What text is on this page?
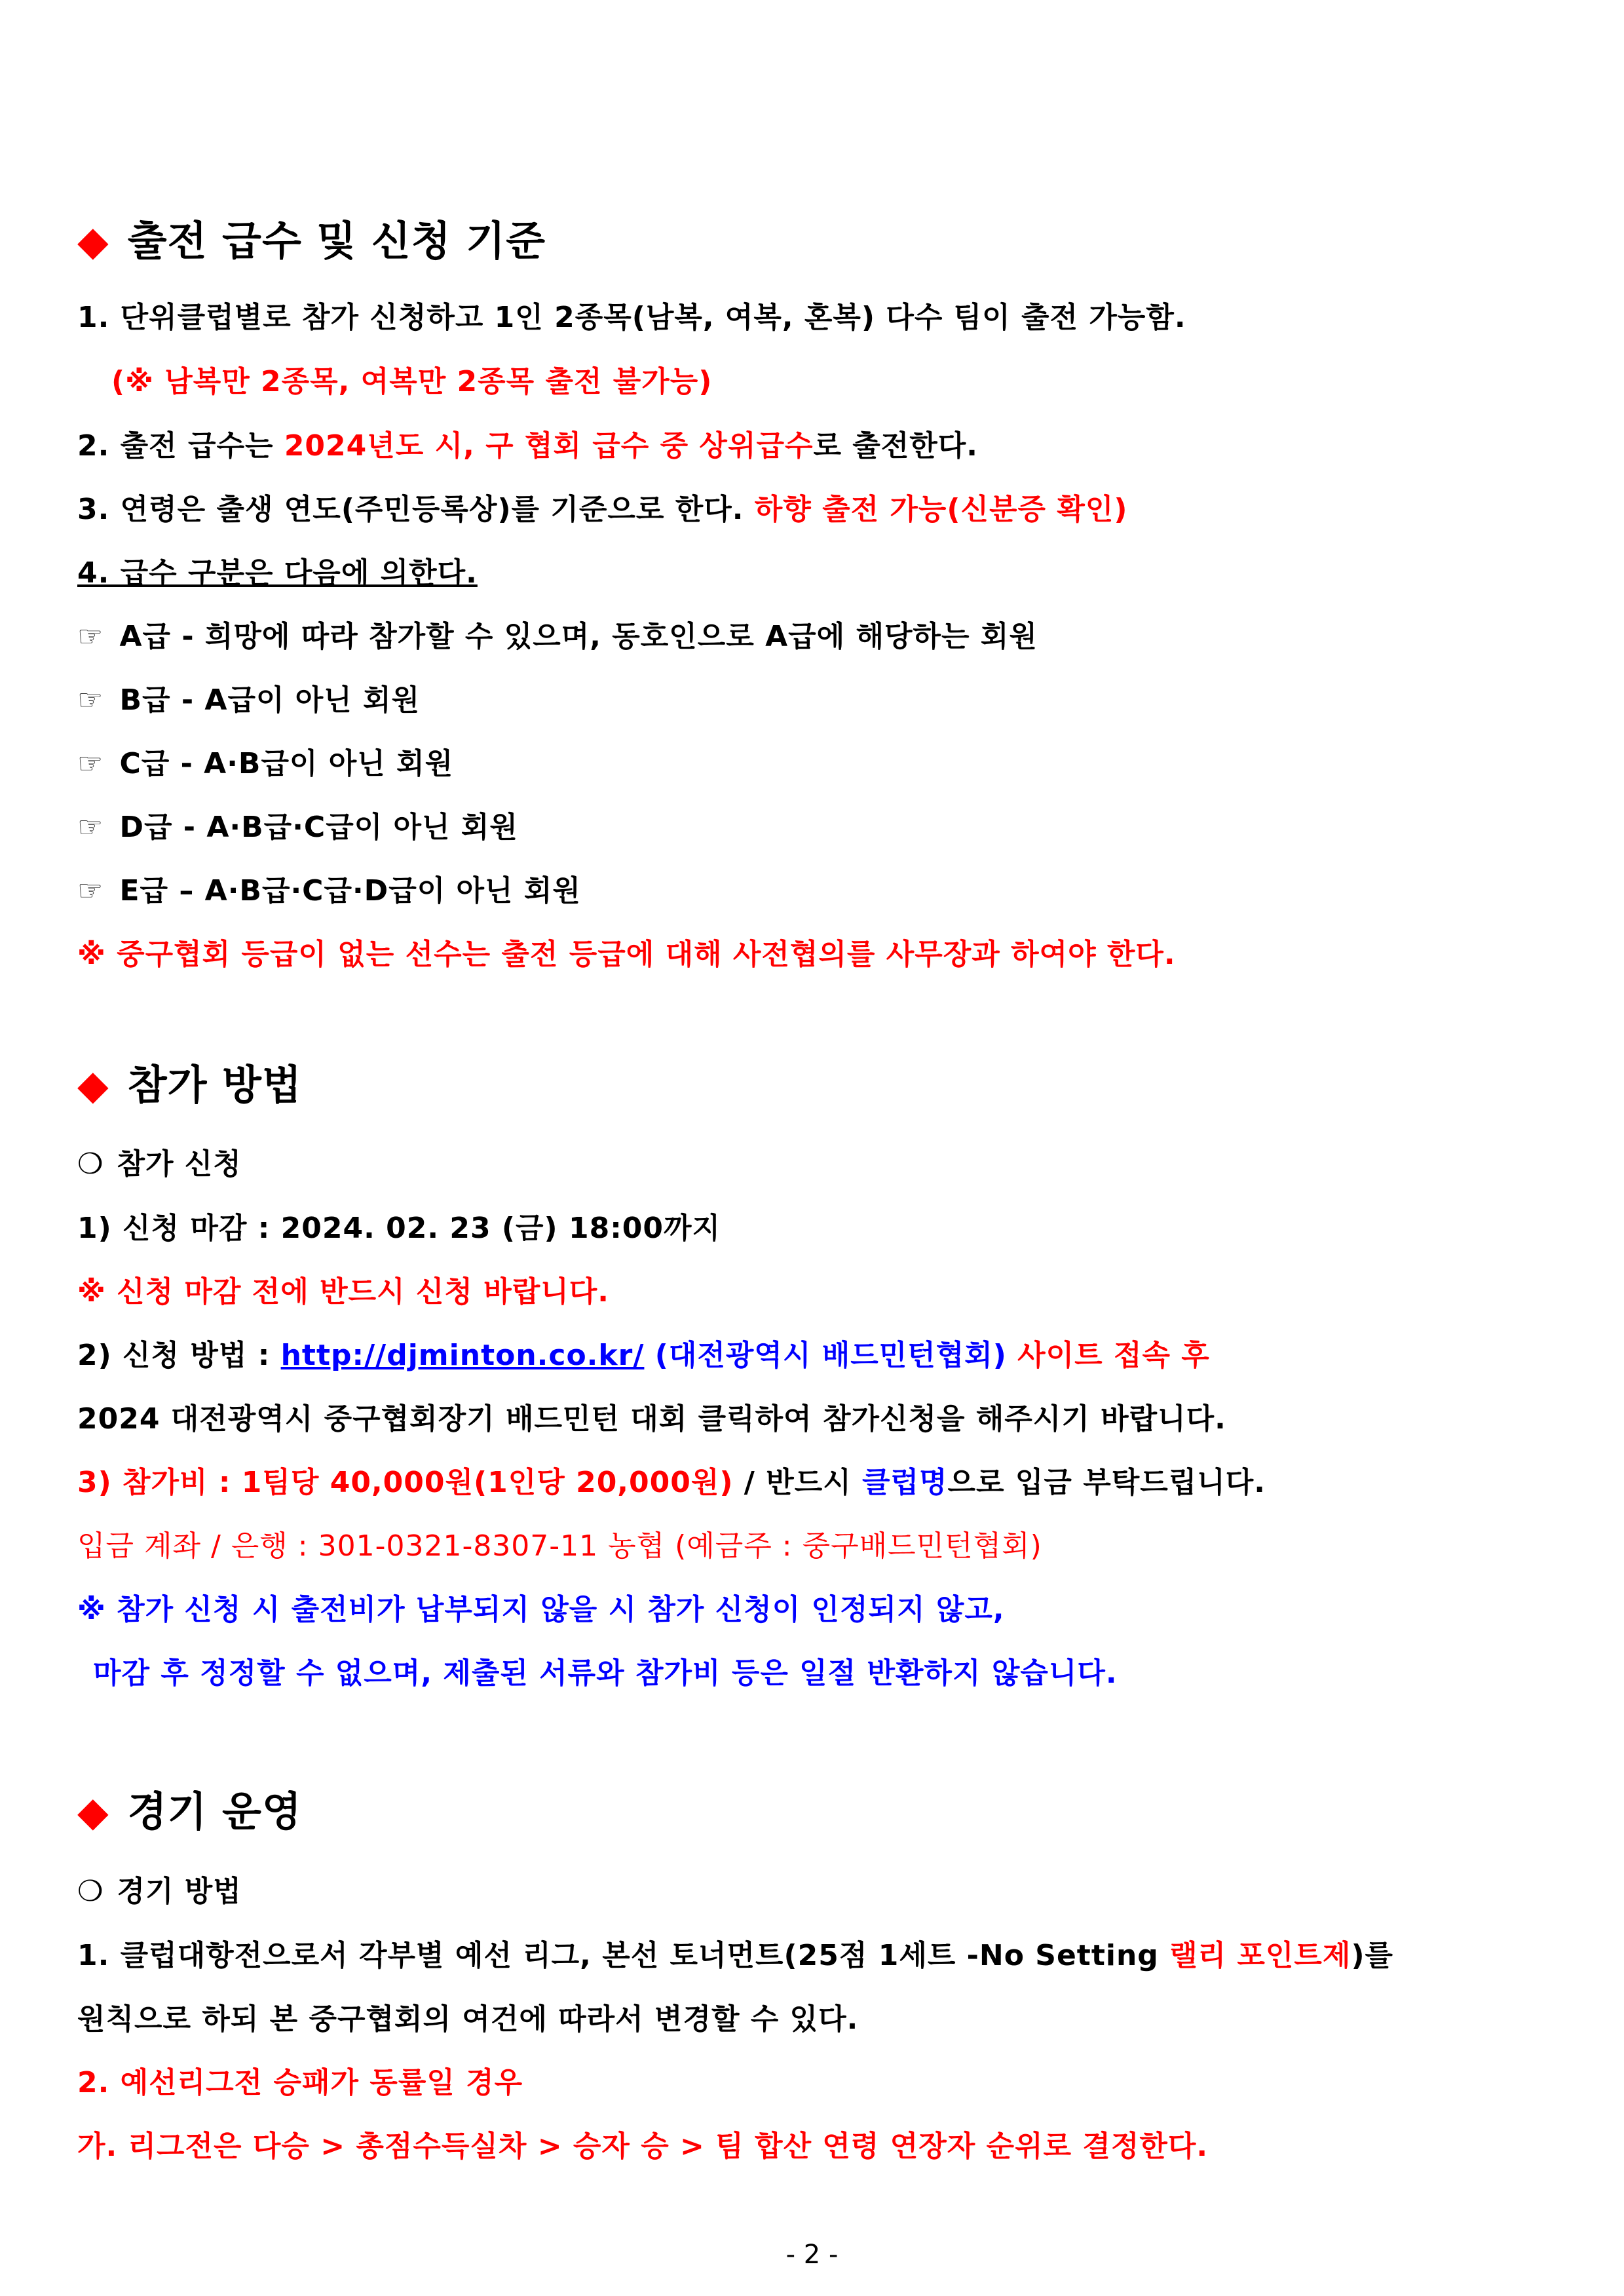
◆ 출전 급수 및 신청 기준
1. 단위클럽별로 참가 신청하고 1인 2종목(남복, 여복, 혼복) 다수 팀이 출전 가능함.
(※ 남복만 2종목, 여복만 2종목 출전 불가능)
2. 출전 급수는 2024년도 시, 구 협회 급수 중 상위급수로 출전한다.
3. 연령은 출생 연도(주민등록상)를 기준으로 한다. 하향 출전 가능(신분증 확인)
4. 급수 구분은 다음에 의한다.
☞ A급 - 희망에 따라 참가할 수 있으며, 동호인으로 A급에 해당하는 회원
☞ B급 - A급이 아닌 회원
☞ C급 - A·B급이 아닌 회원
☞ D급 - A·B급·C급이 아닌 회원
☞ E급 – A·B급·C급·D급이 아닌 회원
※ 중구협회 등급이 없는 선수는 출전 등급에 대해 사전협의를 사무장과 하여야 한다.
◆ 참가 방법
❍ 참가 신청
1) 신청 마감 : 2024. 02. 23 (금) 18:00까지
※ 신청 마감 전에 반드시 신청 바랍니다.
2) 신청 방법 : http://djminton.co.kr/ (대전광역시 배드민턴협회) 사이트 접속 후
2024 대전광역시 중구협회장기 배드민턴 대회 클릭하여 참가신청을 해주시기 바랍니다.
3) 참가비 : 1팀당 40,000원(1인당 20,000원) / 반드시 클럽명으로 입금 부탁드립니다.
입금 계좌 / 은행 : 301-0321-8307-11 농협 (예금주 : 중구배드민턴협회)
※ 참가 신청 시 출전비가 납부되지 않을 시 참가 신청이 인정되지 않고,
마감 후 정정할 수 없으며, 제출된 서류와 참가비 등은 일절 반환하지 않습니다.
◆ 경기 운영
❍ 경기 방법
1. 클럽대항전으로서 각부별 예선 리그, 본선 토너먼트(25점 1세트 -No Setting 랠리 포인트제)를
원칙으로 하되 본 중구협회의 여건에 따라서 변경할 수 있다.
2. 예선리그전 승패가 동률일 경우
가. 리그전은 다승 > 총점수득실차 > 승자 승 > 팀 합산 연령 연장자 순위로 결정한다.
- 2 -
